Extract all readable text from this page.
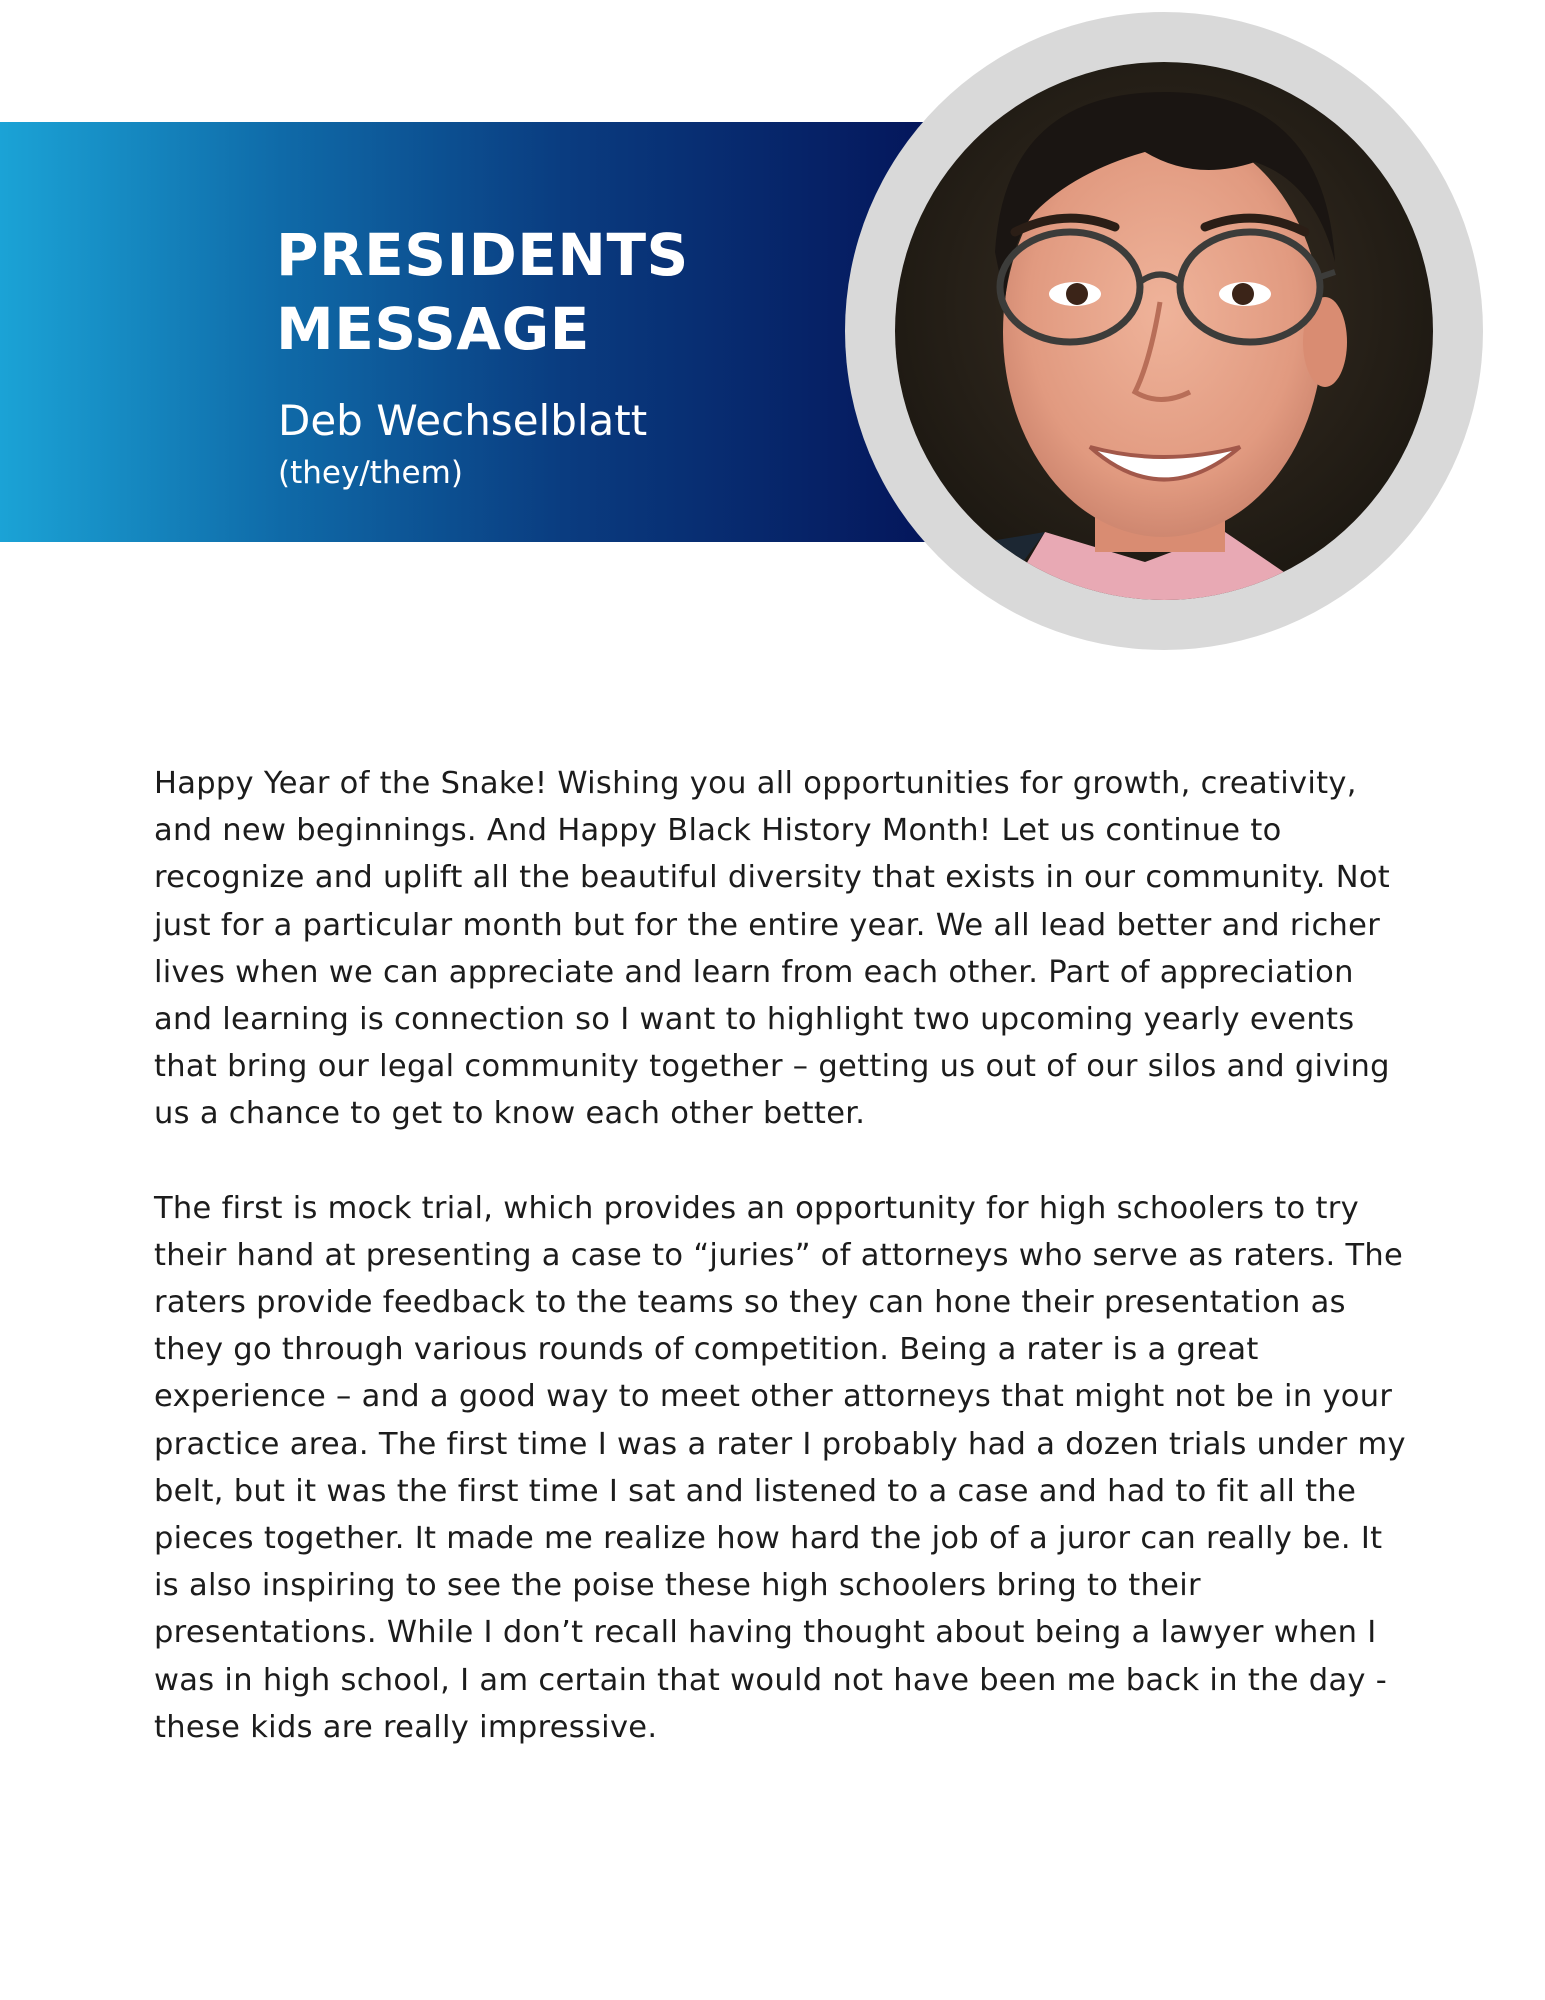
PRESIDENTS
MESSAGE
Deb Wechselblatt
(they/them)

Happy Year of the Snake! Wishing you all opportunities for growth, creativity, and new beginnings. And Happy Black History Month! Let us continue to recognize and uplift all the beautiful diversity that exists in our community. Not just for a particular month but for the entire year. We all lead better and richer lives when we can appreciate and learn from each other. Part of appreciation and learning is connection so I want to highlight two upcoming yearly events that bring our legal community together – getting us out of our silos and giving us a chance to get to know each other better.

The first is mock trial, which provides an opportunity for high schoolers to try their hand at presenting a case to “juries” of attorneys who serve as raters. The raters provide feedback to the teams so they can hone their presentation as they go through various rounds of competition. Being a rater is a great experience – and a good way to meet other attorneys that might not be in your practice area. The first time I was a rater I probably had a dozen trials under my belt, but it was the first time I sat and listened to a case and had to fit all the pieces together. It made me realize how hard the job of a juror can really be. It is also inspiring to see the poise these high schoolers bring to their presentations. While I don’t recall having thought about being a lawyer when I was in high school, I am certain that would not have been me back in the day - these kids are really impressive.
